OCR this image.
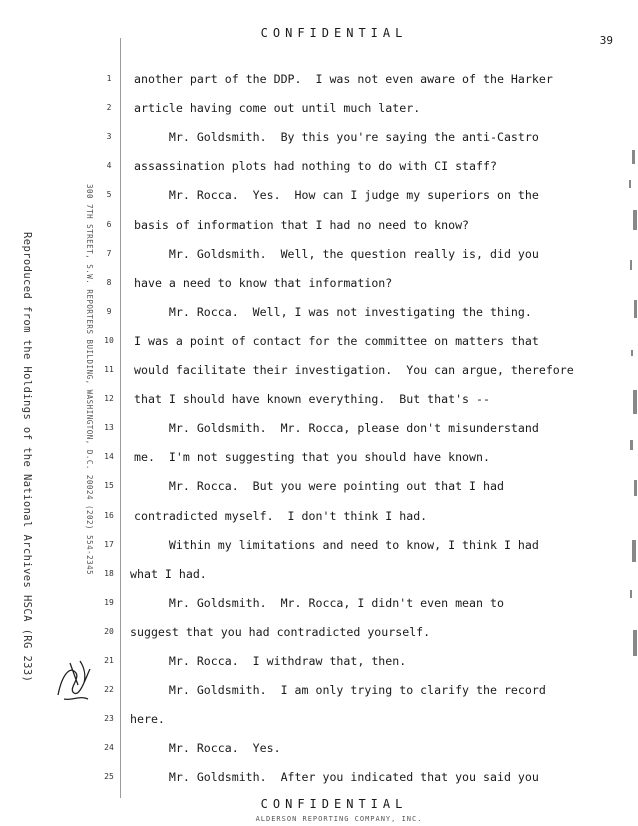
CONFIDENTIAL
39
Reproduced from the Holdings of the National Archives HSCA (RG 233)	300 7TH STREET, S.W. REPORTERS BUILDING, WASHINGTON, D.C. 20024 (202) 554-2345
1
2
3
4
5
6
7
8
9
10
11
12
13
14
15
16
17
18
19
20
21
22
23
24
25
another part of the DDP.  I was not even aware of the Harker
article having come out until much later.
Mr. Goldsmith.  By this you're saying the anti-Castro
assassination plots had nothing to do with CI staff?
Mr. Rocca.  Yes.  How can I judge my superiors on the
basis of information that I had no need to know?
Mr. Goldsmith.  Well, the question really is, did you
have a need to know that information?
Mr. Rocca.  Well, I was not investigating the thing.
I was a point of contact for the committee on matters that
would facilitate their investigation.  You can argue, therefore
that I should have known everything.  But that's --
Mr. Goldsmith.  Mr. Rocca, please don't misunderstand
me.  I'm not suggesting that you should have known.
Mr. Rocca.  But you were pointing out that I had
contradicted myself.  I don't think I had.
Within my limitations and need to know, I think I had
what I had.
Mr. Goldsmith.  Mr. Rocca, I didn't even mean to
suggest that you had contradicted yourself.
Mr. Rocca.  I withdraw that, then.
Mr. Goldsmith.  I am only trying to clarify the record
here.
Mr. Rocca.  Yes.
Mr. Goldsmith.  After you indicated that you said you
CONFIDENTIAL
ALDERSON REPORTING COMPANY, INC.
